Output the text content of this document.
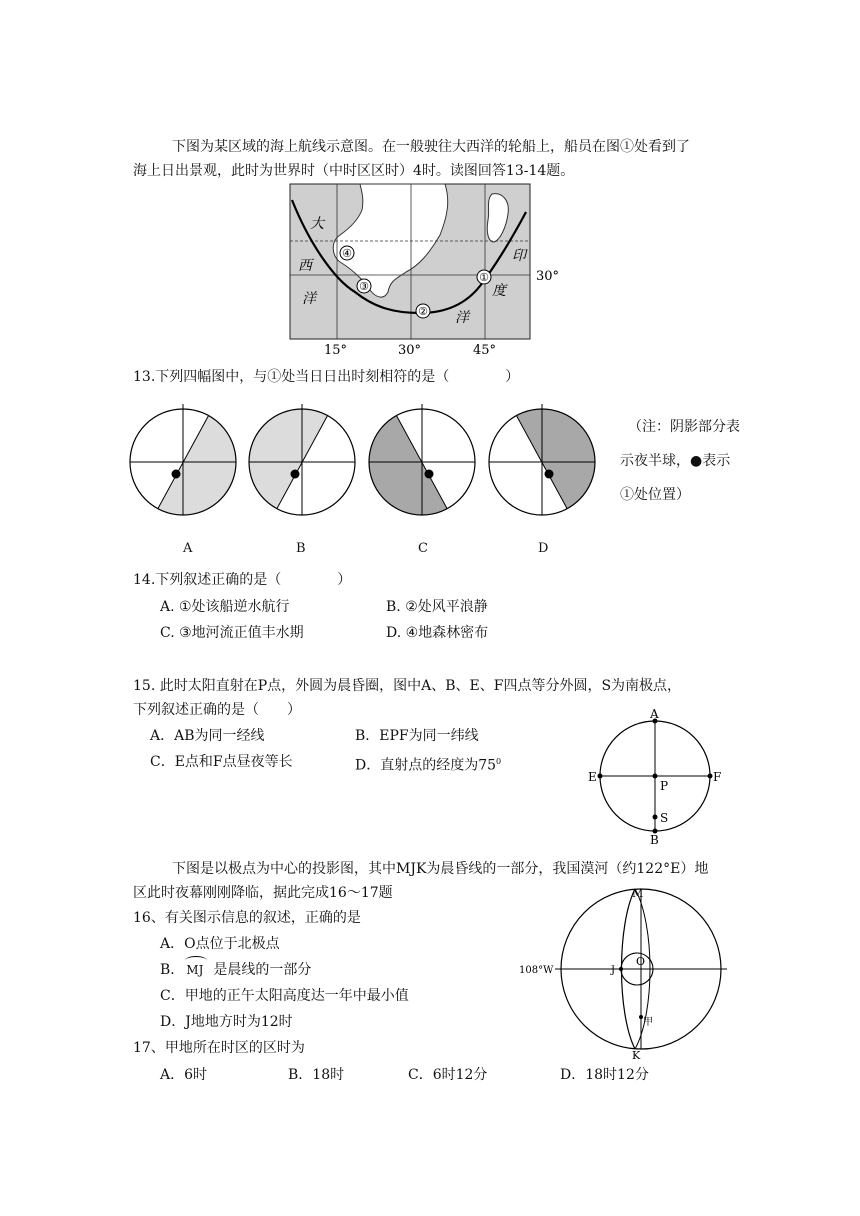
下图为某区域的海上航线示意图。在一般驶往大西洋的轮船上，船员在图①处看到了
海上日出景观，此时为世界时（中时区区时）4时。读图回答13-14题。
④
③
②
①
大
西
洋
印
度
洋
30°
15°	30°	45°
13.下列四幅图中，与①处当日日出时刻相符的是（　　　　）
A	B	C	D
（注：阴影部分表
示夜半球，●表示
①处位置）
14.下列叙述正确的是（　　　　）
A. ①处该船逆水航行	B. ②处风平浪静
C. ③地河流正值丰水期	D. ④地森林密布
15. 此时太阳直射在P点，外圆为晨昏圈，图中A、B、E、F四点等分外圆，S为南极点，
下列叙述正确的是（　　）
A．AB为同一经线	B．EPF为同一纬线
C．E点和F点昼夜等长	D．直射点的经度为$75^0$
A
B
E	F
P
S
下图是以极点为中心的投影图，其中MJK为晨昏线的一部分，我国漠河（约122°E）地
区此时夜幕刚刚降临，据此完成16～17题
16、有关图示信息的叙述，正确的是
A．O点位于北极点
B． MJ 是晨线的一部分
C．甲地的正午太阳高度达一年中最小值
D．J地地方时为12时
M
K
O
J
甲
108°W
17、甲地所在时区的区时为
A．6时	B．18时	C．6时12分	D．18时12分
